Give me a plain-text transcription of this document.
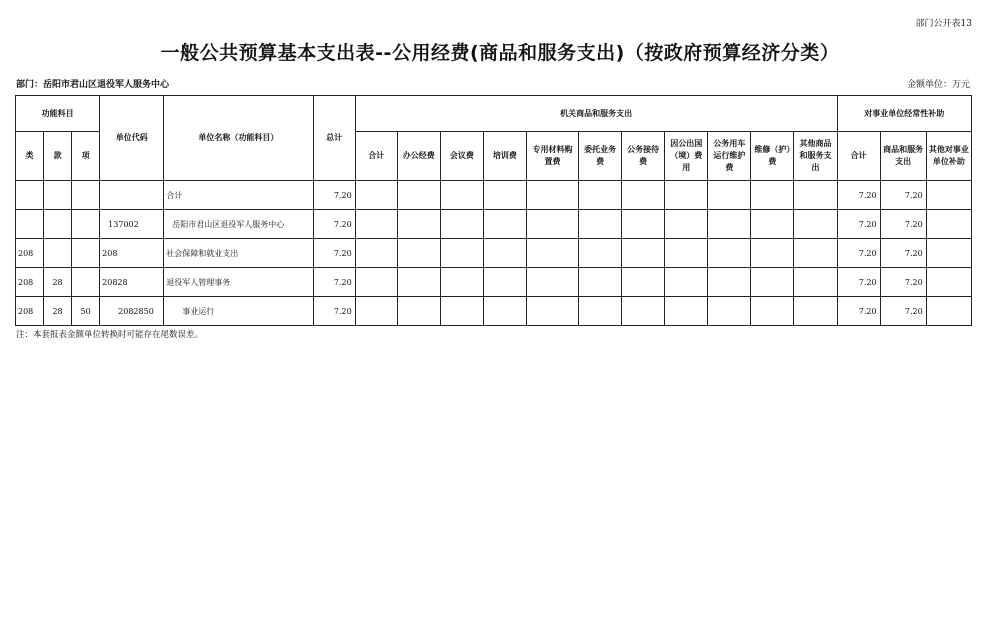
部门公开表13
一般公共预算基本支出表--公用经费(商品和服务支出)（按政府预算经济分类）
部门：岳阳市君山区退役军人服务中心	金额单位：万元
功能科目			单位代码	单位名称（功能科目）	总计	机关商品和服务支出											对事业单位经常性补助		
类	款	项				合计	办公经费	会议费	培训费	专用材料购置费	委托业务费	公务接待费	因公出国（境）费用	公务用车运行维护费	维修（护）费	其他商品和服务支出	合计	商品和服务支出	其他对事业单位补助
				合计	7.20												7.20	7.20	
			137002	岳阳市君山区退役军人服务中心	7.20												7.20	7.20	
208			208	社会保障和就业支出	7.20												7.20	7.20	
208	28		20828	退役军人管理事务	7.20												7.20	7.20	
208	28	50	2082850	事业运行	7.20												7.20	7.20	
注：本套报表金额单位转换时可能存在尾数误差。
